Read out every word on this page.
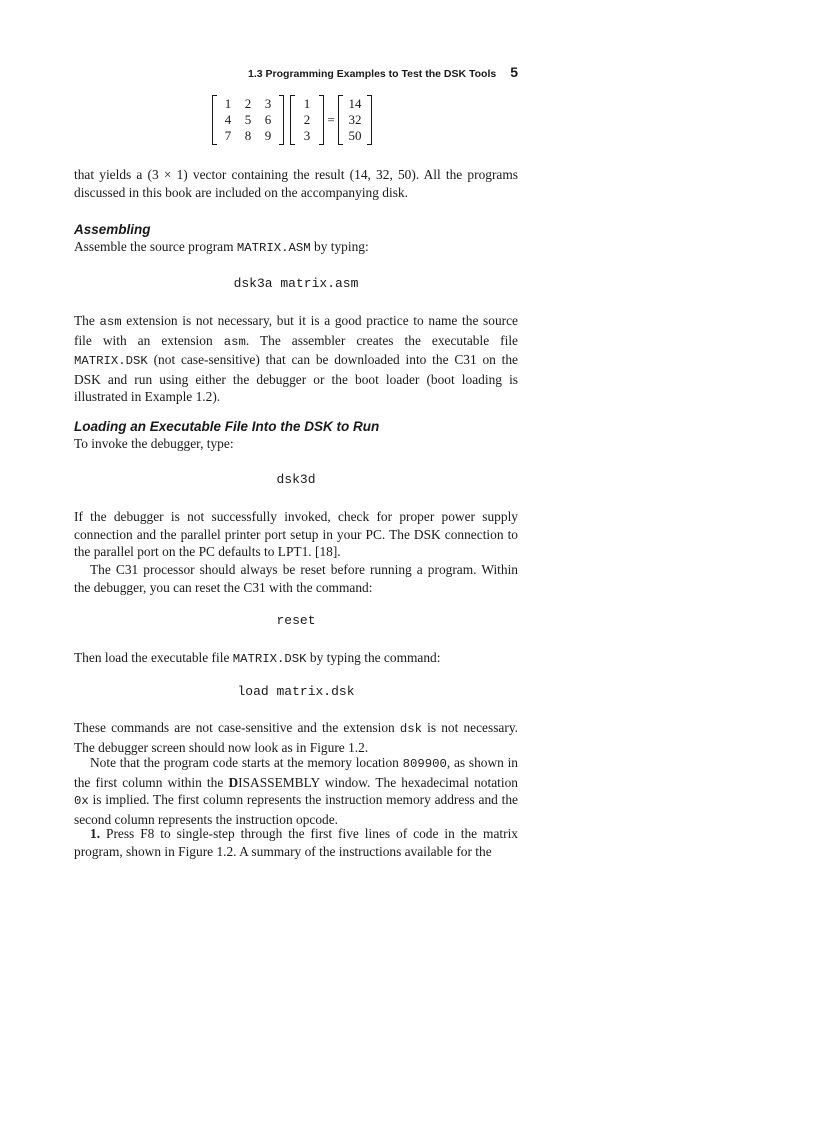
1.3 Programming Examples to Test the DSK Tools 5
1	2	3
4	5	6
7	8	9
1
2
3
=
14
32
50

that yields a (3 × 1) vector containing the result (14, 32, 50). All the programs discussed in this book are included on the accompanying disk.

Assembling

Assemble the source program MATRIX.ASM by typing:

dsk3a matrix.asm

The asm extension is not necessary, but it is a good practice to name the source file with an extension asm. The assembler creates the executable file MATRIX.DSK (not case-sensitive) that can be downloaded into the C31 on the DSK and run using either the debugger or the boot loader (boot loading is illustrated in Example 1.2).

Loading an Executable File Into the DSK to Run

To invoke the debugger, type:

dsk3d

If the debugger is not successfully invoked, check for proper power supply connection and the parallel printer port setup in your PC. The DSK connection to the parallel port on the PC defaults to LPT1. [18].

The C31 processor should always be reset before running a program. Within the debugger, you can reset the C31 with the command:

reset

Then load the executable file MATRIX.DSK by typing the command:

load matrix.dsk

These commands are not case-sensitive and the extension dsk is not necessary. The debugger screen should now look as in Figure 1.2.

Note that the program code starts at the memory location 809900, as shown in the first column within the DISASSEMBLY window. The hexadecimal notation 0x is implied. The first column represents the instruction memory address and the second column represents the instruction opcode.

1. Press F8 to single-step through the first five lines of code in the matrix program, shown in Figure 1.2. A summary of the instructions available for the
